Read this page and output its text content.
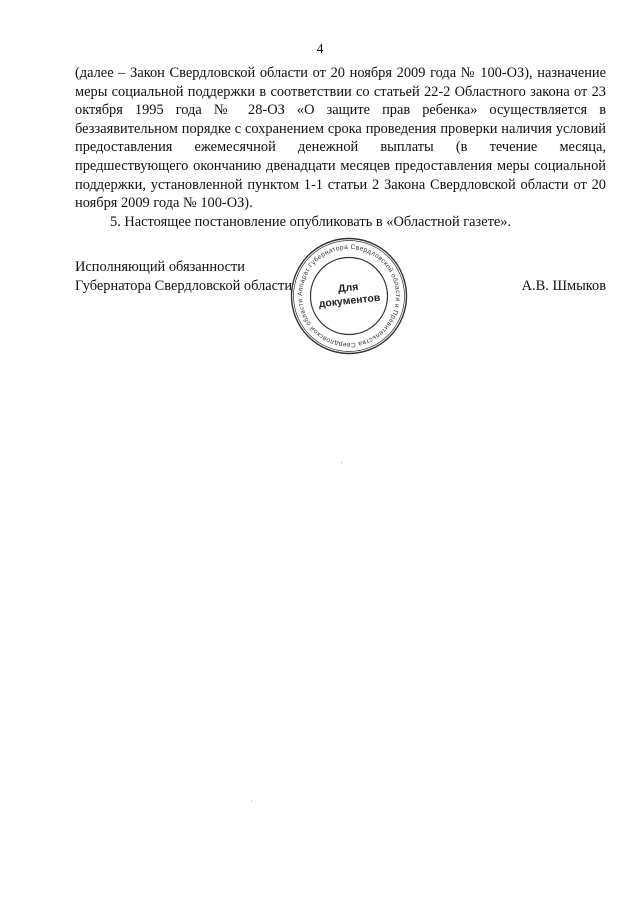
4

(далее – Закон Свердловской области от 20 ноября 2009 года № 100-ОЗ), назначение меры социальной поддержки в соответствии со статьей 22-2 Областного закона от 23 октября 1995 года № 28-ОЗ «О защите прав ребенка» осуществляется в беззаявительном порядке с сохранением срока проведения проверки наличия условий предоставления ежемесячной денежной выплаты (в течение месяца, предшествующего окончанию двенадцати месяцев предоставления меры социальной поддержки, установленной пунктом 1-1 статьи 2 Закона Свердловской области от 20 ноября 2009 года № 100-ОЗ).

5. Настоящее постановление опубликовать в «Областной газете».

Исполняющий обязанности
Губернатора Свердловской области	А.В. Шмыков
Аппарат Губернатора Свердловской области и Правительства Свердловской области
Для
документов
